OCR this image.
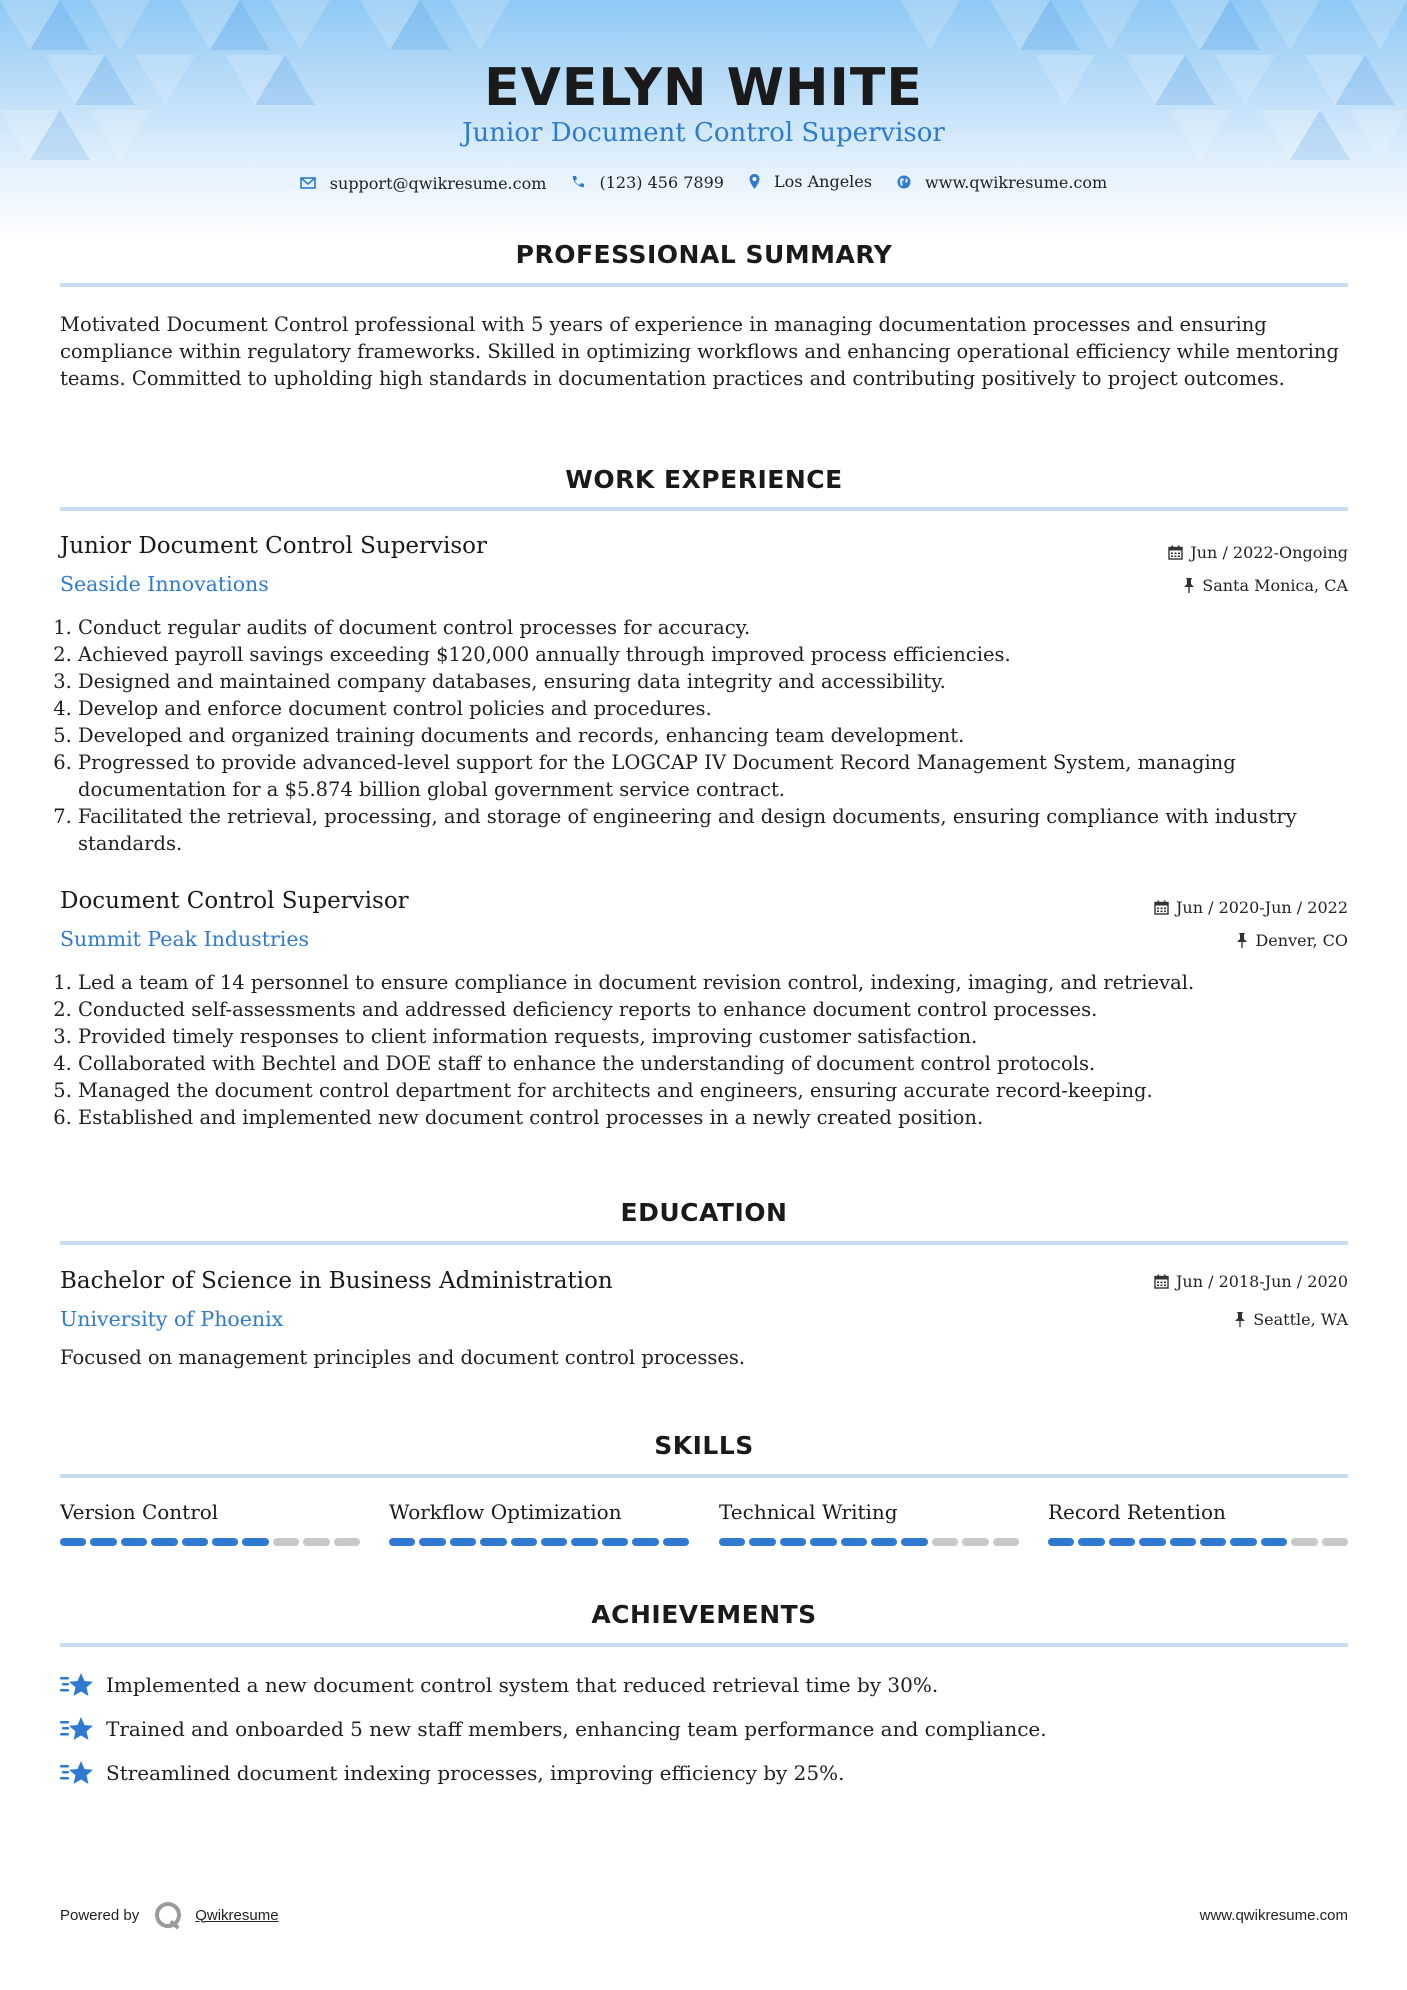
EVELYN WHITE
Junior Document Control Supervisor
support@qwikresume.com
	(123) 456 7899
	Los Angeles
	www.qwikresume.com
PROFESSIONAL SUMMARY
Motivated Document Control professional with 5 years of experience in managing documentation processes and ensuring compliance within regulatory frameworks. Skilled in optimizing workflows and enhancing operational efficiency while mentoring teams. Committed to upholding high standards in documentation practices and contributing positively to project outcomes.
WORK EXPERIENCE
Junior Document Control Supervisor	Jun / 2022-Ongoing
Seaside Innovations	Santa Monica, CA
1. Conduct regular audits of document control processes for accuracy.
2. Achieved payroll savings exceeding $120,000 annually through improved process efficiencies.
3. Designed and maintained company databases, ensuring data integrity and accessibility.
4. Develop and enforce document control policies and procedures.
5. Developed and organized training documents and records, enhancing team development.
6. Progressed to provide advanced-level support for the LOGCAP IV Document Record Management System, managing documentation for a $5.874 billion global government service contract.
7. Facilitated the retrieval, processing, and storage of engineering and design documents, ensuring compliance with industry standards.
Document Control Supervisor	Jun / 2020-Jun / 2022
Summit Peak Industries	Denver, CO
1. Led a team of 14 personnel to ensure compliance in document revision control, indexing, imaging, and retrieval.
2. Conducted self-assessments and addressed deficiency reports to enhance document control processes.
3. Provided timely responses to client information requests, improving customer satisfaction.
4. Collaborated with Bechtel and DOE staff to enhance the understanding of document control protocols.
5. Managed the document control department for architects and engineers, ensuring accurate record-keeping.
6. Established and implemented new document control processes in a newly created position.
EDUCATION
Bachelor of Science in Business Administration	Jun / 2018-Jun / 2020
University of Phoenix	Seattle, WA
Focused on management principles and document control processes.
SKILLS
Version Control	Workflow Optimization	Technical Writing	Record Retention
ACHIEVEMENTS
Implemented a new document control system that reduced retrieval time by 30%.
Trained and onboarded 5 new staff members, enhancing team performance and compliance.
Streamlined document indexing processes, improving efficiency by 25%.
Powered by	Qwikresume	www.qwikresume.com
